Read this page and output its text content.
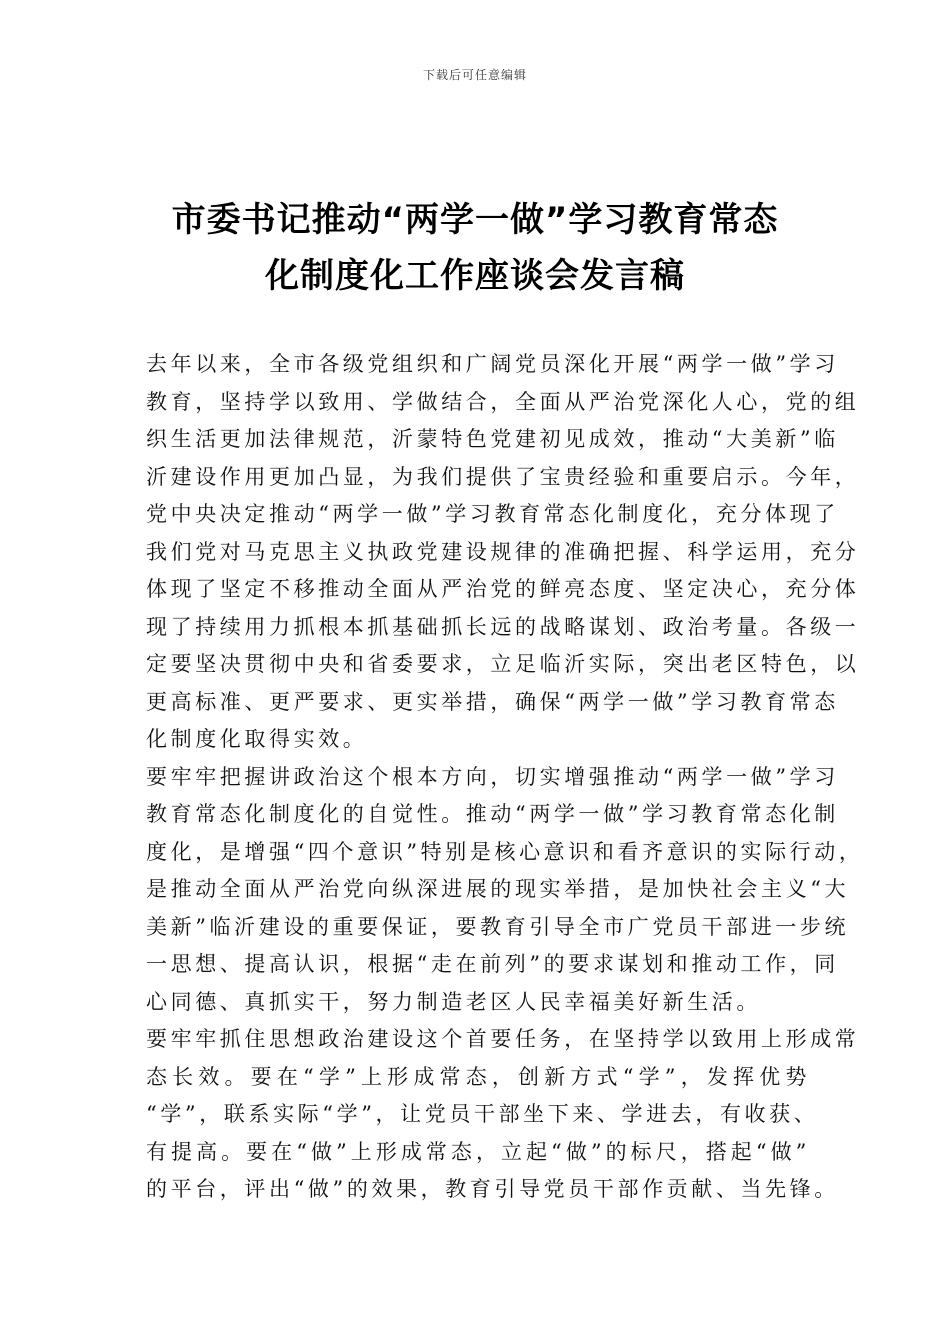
下载后可任意编辑
市委书记推动“两学一做”学习教育常态
化制度化工作座谈会发言稿

去年以来，全市各级党组织和广阔党员深化开展“两学一做”学习
教育，坚持学以致用、学做结合，全面从严治党深化人心，党的组
织生活更加法律规范，沂蒙特色党建初见成效，推动“大美新”临
沂建设作用更加凸显，为我们提供了宝贵经验和重要启示。今年，
党中央决定推动“两学一做”学习教育常态化制度化，充分体现了
我们党对马克思主义执政党建设规律的准确把握、科学运用，充分
体现了坚定不移推动全面从严治党的鲜亮态度、坚定决心，充分体
现了持续用力抓根本抓基础抓长远的战略谋划、政治考量。各级一
定要坚决贯彻中央和省委要求，立足临沂实际，突出老区特色，以
更高标准、更严要求、更实举措，确保“两学一做”学习教育常态
化制度化取得实效。

要牢牢把握讲政治这个根本方向，切实增强推动“两学一做”学习
教育常态化制度化的自觉性。推动“两学一做”学习教育常态化制
度化，是增强“四个意识”特别是核心意识和看齐意识的实际行动，
是推动全面从严治党向纵深进展的现实举措，是加快社会主义“大
美新”临沂建设的重要保证，要教育引导全市广党员干部进一步统
一思想、提高认识，根据“走在前列”的要求谋划和推动工作，同
心同德、真抓实干，努力制造老区人民幸福美好新生活。

要牢牢抓住思想政治建设这个首要任务，在坚持学以致用上形成常
态长效。要在“学”上形成常态，创新方式“学”，发挥优势
“学”，联系实际“学”，让党员干部坐下来、学进去，有收获、
有提高。要在“做”上形成常态，立起“做”的标尺，搭起“做”
的平台，评出“做”的效果，教育引导党员干部作贡献、当先锋。
